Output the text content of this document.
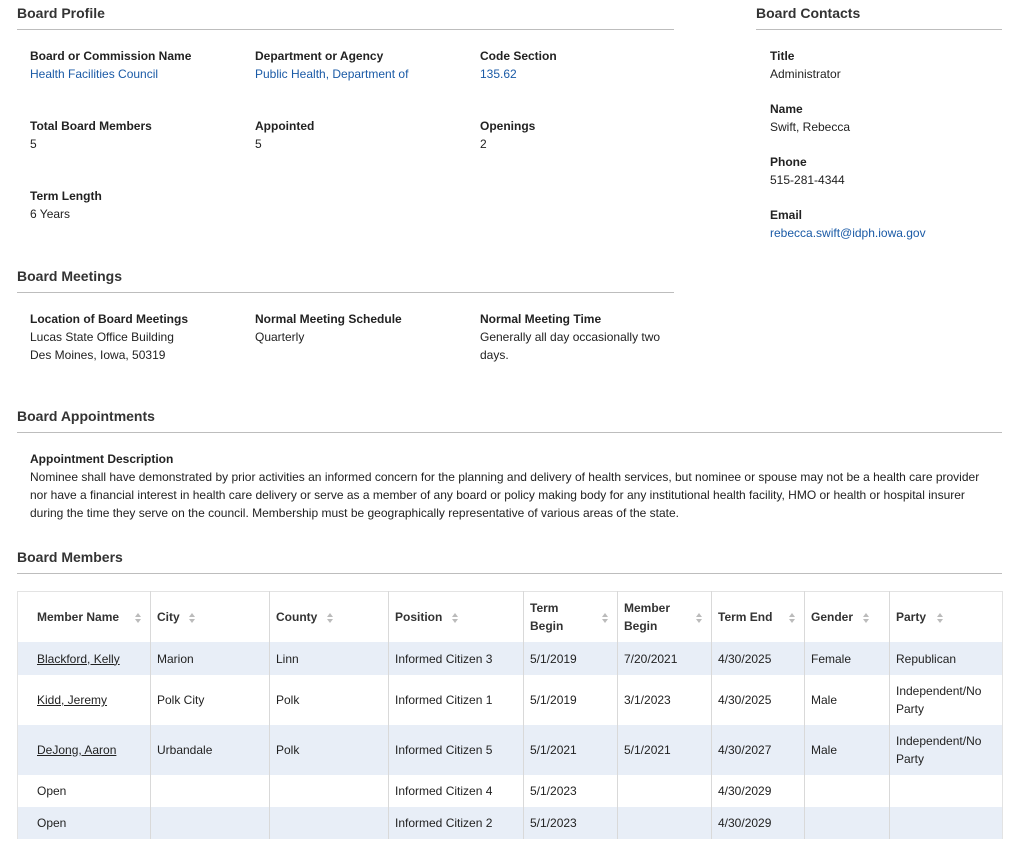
Board Profile
Board or Commission Name
Health Facilities Council
Department or Agency
Public Health, Department of
Code Section
135.62
Total Board Members
5
Appointed
5
Openings
2
Term Length
6 Years
Board Contacts
Title
Administrator
Name
Swift, Rebecca
Phone
515-281-4344
Email
rebecca.swift@idph.iowa.gov
Board Meetings
Location of Board Meetings
Lucas State Office Building
Des Moines, Iowa, 50319
Normal Meeting Schedule
Quarterly
Normal Meeting Time
Generally all day occasionally two days.
Board Appointments
Appointment Description
Nominee shall have demonstrated by prior activities an informed concern for the planning and delivery of health services, but nominee or spouse may not be a health care provider nor have a financial interest in health care delivery or serve as a member of any board or policy making body for any institutional health facility, HMO or health or hospital insurer during the time they serve on the council. Membership must be geographically representative of various areas of the state.
Board Members
Member Name	City	County	Position	Term Begin	Member Begin	Term End	Gender	Party

Blackford, Kelly	Marion	Linn	Informed Citizen 3	5/1/2019	7/20/2021	4/30/2025	Female	Republican
Kidd, Jeremy	Polk City	Polk	Informed Citizen 1	5/1/2019	3/1/2023	4/30/2025	Male	Independent/No Party
DeJong, Aaron	Urbandale	Polk	Informed Citizen 5	5/1/2021	5/1/2021	4/30/2027	Male	Independent/No Party
Open			Informed Citizen 4	5/1/2023		4/30/2029		
Open			Informed Citizen 2	5/1/2023		4/30/2029		
